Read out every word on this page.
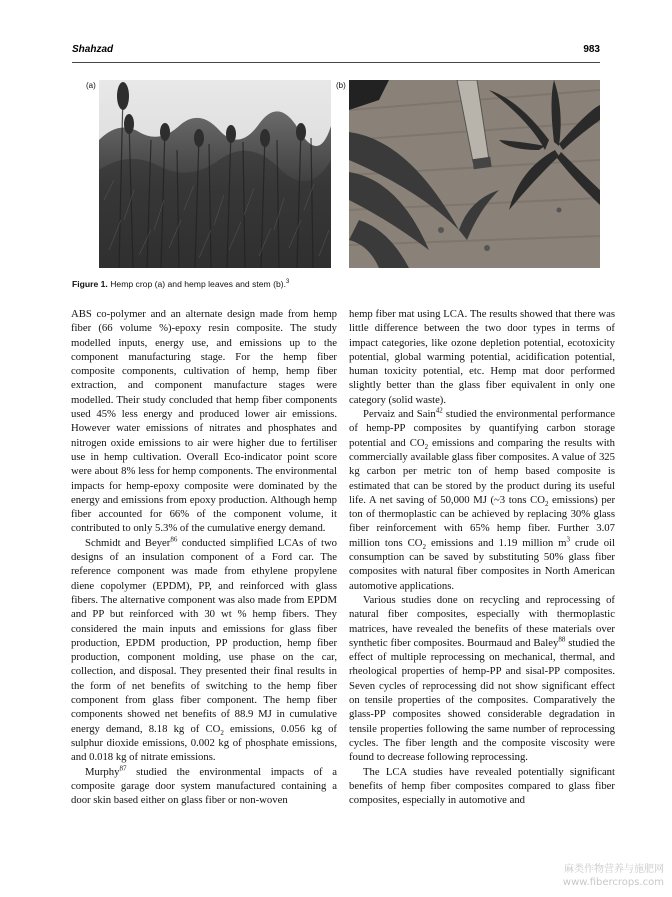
Shahzad	983
(a)	(b)
Figure 1. Hemp crop (a) and hemp leaves and stem (b).$^3$

ABS co-polymer and an alternate design made from hemp fiber (66 volume %)-epoxy resin composite. The study modelled inputs, energy use, and emissions up to the component manufacturing stage. For the hemp fiber composite components, cultivation of hemp, hemp fiber extraction, and component manufacture stages were modelled. Their study concluded that hemp fiber components used 45% less energy and produced lower air emissions. However water emissions of nitrates and phosphates and nitrogen oxide emissions to air were higher due to fertiliser use in hemp cultivation. Overall Eco-indicator point score were about 8% less for hemp components. The environmental impacts for hemp-epoxy composite were dominated by the energy and emissions from epoxy production. Although hemp fiber accounted for 66% of the component volume, it contributed to only 5.3% of the cumulative energy demand.

Schmidt and Beyer$^{86}$ conducted simplified LCAs of two designs of an insulation component of a Ford car. The reference component was made from ethylene propylene diene copolymer (EPDM), PP, and reinforced with glass fibers. The alternative component was also made from EPDM and PP but reinforced with 30 wt % hemp fibers. They considered the main inputs and emissions for glass fiber production, EPDM production, PP production, hemp fiber production, component molding, use phase on the car, collection, and disposal. They presented their final results in the form of net benefits of switching to the hemp fiber component from glass fiber component. The hemp fiber components showed net benefits of 88.9 MJ in cumulative energy demand, 8.18 kg of $CO_2$ emissions, 0.056 kg of sulphur dioxide emissions, 0.002 kg of phosphate emissions, and 0.018 kg of nitrate emissions.

Murphy$^{87}$ studied the environmental impacts of a composite garage door system manufactured containing a door skin based either on glass fiber or non-woven

hemp fiber mat using LCA. The results showed that there was little difference between the two door types in terms of impact categories, like ozone depletion potential, ecotoxicity potential, global warming potential, acidification potential, human toxicity potential, etc. Hemp mat door performed slightly better than the glass fiber equivalent in only one category (solid waste).

Pervaiz and Sain$^{42}$ studied the environmental performance of hemp-PP composites by quantifying carbon storage potential and $CO_2$ emissions and comparing the results with commercially available glass fiber composites. A value of 325 kg carbon per metric ton of hemp based composite is estimated that can be stored by the product during its useful life. A net saving of 50,000 MJ (~3 tons $CO_2$ emissions) per ton of thermoplastic can be achieved by replacing 30% glass fiber reinforcement with 65% hemp fiber. Further 3.07 million tons $CO_2$ emissions and 1.19 million $m^3$ crude oil consumption can be saved by substituting 50% glass fiber composites with natural fiber composites in North American automotive applications.

Various studies done on recycling and reprocessing of natural fiber composites, especially with thermoplastic matrices, have revealed the benefits of these materials over synthetic fiber composites. Bourmaud and Baley$^{88}$ studied the effect of multiple reprocessing on mechanical, thermal, and rheological properties of hemp-PP and sisal-PP composites. Seven cycles of reprocessing did not show significant effect on tensile properties of the composites. Comparatively the glass-PP composites showed considerable degradation in tensile properties following the same number of reprocessing cycles. The fiber length and the composite viscosity were found to decrease following reprocessing.

The LCA studies have revealed potentially significant benefits of hemp fiber composites compared to glass fiber composites, especially in automotive and

麻类作物营养与施肥网
www.fibercrops.com
